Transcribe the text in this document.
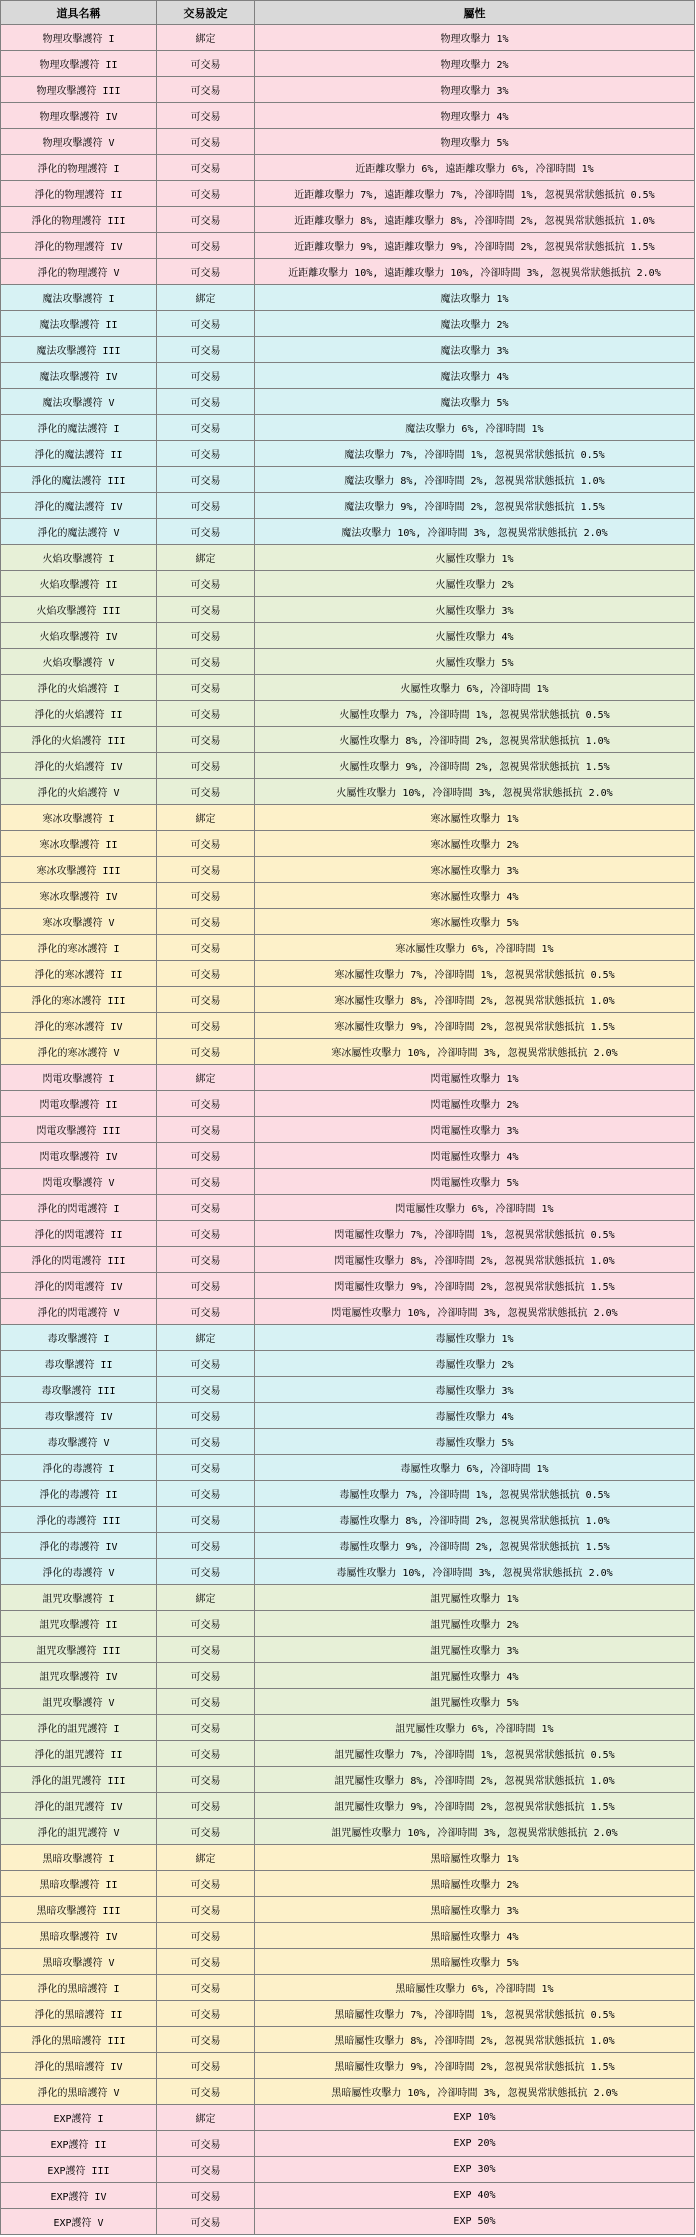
道具名稱	交易設定	屬性
物理攻擊護符 I	綁定	物理攻擊力 1%
物理攻擊護符 II	可交易	物理攻擊力 2%
物理攻擊護符 III	可交易	物理攻擊力 3%
物理攻擊護符 IV	可交易	物理攻擊力 4%
物理攻擊護符 V	可交易	物理攻擊力 5%
淨化的物理護符 I	可交易	近距離攻擊力 6%, 遠距離攻擊力 6%, 冷卻時間 1%
淨化的物理護符 II	可交易	近距離攻擊力 7%, 遠距離攻擊力 7%, 冷卻時間 1%, 忽視異常狀態抵抗 0.5%
淨化的物理護符 III	可交易	近距離攻擊力 8%, 遠距離攻擊力 8%, 冷卻時間 2%, 忽視異常狀態抵抗 1.0%
淨化的物理護符 IV	可交易	近距離攻擊力 9%, 遠距離攻擊力 9%, 冷卻時間 2%, 忽視異常狀態抵抗 1.5%
淨化的物理護符 V	可交易	近距離攻擊力 10%, 遠距離攻擊力 10%, 冷卻時間 3%, 忽視異常狀態抵抗 2.0%
魔法攻擊護符 I	綁定	魔法攻擊力 1%
魔法攻擊護符 II	可交易	魔法攻擊力 2%
魔法攻擊護符 III	可交易	魔法攻擊力 3%
魔法攻擊護符 IV	可交易	魔法攻擊力 4%
魔法攻擊護符 V	可交易	魔法攻擊力 5%
淨化的魔法護符 I	可交易	魔法攻擊力 6%, 冷卻時間 1%
淨化的魔法護符 II	可交易	魔法攻擊力 7%, 冷卻時間 1%, 忽視異常狀態抵抗 0.5%
淨化的魔法護符 III	可交易	魔法攻擊力 8%, 冷卻時間 2%, 忽視異常狀態抵抗 1.0%
淨化的魔法護符 IV	可交易	魔法攻擊力 9%, 冷卻時間 2%, 忽視異常狀態抵抗 1.5%
淨化的魔法護符 V	可交易	魔法攻擊力 10%, 冷卻時間 3%, 忽視異常狀態抵抗 2.0%
火焰攻擊護符 I	綁定	火屬性攻擊力 1%
火焰攻擊護符 II	可交易	火屬性攻擊力 2%
火焰攻擊護符 III	可交易	火屬性攻擊力 3%
火焰攻擊護符 IV	可交易	火屬性攻擊力 4%
火焰攻擊護符 V	可交易	火屬性攻擊力 5%
淨化的火焰護符 I	可交易	火屬性攻擊力 6%, 冷卻時間 1%
淨化的火焰護符 II	可交易	火屬性攻擊力 7%, 冷卻時間 1%, 忽視異常狀態抵抗 0.5%
淨化的火焰護符 III	可交易	火屬性攻擊力 8%, 冷卻時間 2%, 忽視異常狀態抵抗 1.0%
淨化的火焰護符 IV	可交易	火屬性攻擊力 9%, 冷卻時間 2%, 忽視異常狀態抵抗 1.5%
淨化的火焰護符 V	可交易	火屬性攻擊力 10%, 冷卻時間 3%, 忽視異常狀態抵抗 2.0%
寒冰攻擊護符 I	綁定	寒冰屬性攻擊力 1%
寒冰攻擊護符 II	可交易	寒冰屬性攻擊力 2%
寒冰攻擊護符 III	可交易	寒冰屬性攻擊力 3%
寒冰攻擊護符 IV	可交易	寒冰屬性攻擊力 4%
寒冰攻擊護符 V	可交易	寒冰屬性攻擊力 5%
淨化的寒冰護符 I	可交易	寒冰屬性攻擊力 6%, 冷卻時間 1%
淨化的寒冰護符 II	可交易	寒冰屬性攻擊力 7%, 冷卻時間 1%, 忽視異常狀態抵抗 0.5%
淨化的寒冰護符 III	可交易	寒冰屬性攻擊力 8%, 冷卻時間 2%, 忽視異常狀態抵抗 1.0%
淨化的寒冰護符 IV	可交易	寒冰屬性攻擊力 9%, 冷卻時間 2%, 忽視異常狀態抵抗 1.5%
淨化的寒冰護符 V	可交易	寒冰屬性攻擊力 10%, 冷卻時間 3%, 忽視異常狀態抵抗 2.0%
閃電攻擊護符 I	綁定	閃電屬性攻擊力 1%
閃電攻擊護符 II	可交易	閃電屬性攻擊力 2%
閃電攻擊護符 III	可交易	閃電屬性攻擊力 3%
閃電攻擊護符 IV	可交易	閃電屬性攻擊力 4%
閃電攻擊護符 V	可交易	閃電屬性攻擊力 5%
淨化的閃電護符 I	可交易	閃電屬性攻擊力 6%, 冷卻時間 1%
淨化的閃電護符 II	可交易	閃電屬性攻擊力 7%, 冷卻時間 1%, 忽視異常狀態抵抗 0.5%
淨化的閃電護符 III	可交易	閃電屬性攻擊力 8%, 冷卻時間 2%, 忽視異常狀態抵抗 1.0%
淨化的閃電護符 IV	可交易	閃電屬性攻擊力 9%, 冷卻時間 2%, 忽視異常狀態抵抗 1.5%
淨化的閃電護符 V	可交易	閃電屬性攻擊力 10%, 冷卻時間 3%, 忽視異常狀態抵抗 2.0%
毒攻擊護符 I	綁定	毒屬性攻擊力 1%
毒攻擊護符 II	可交易	毒屬性攻擊力 2%
毒攻擊護符 III	可交易	毒屬性攻擊力 3%
毒攻擊護符 IV	可交易	毒屬性攻擊力 4%
毒攻擊護符 V	可交易	毒屬性攻擊力 5%
淨化的毒護符 I	可交易	毒屬性攻擊力 6%, 冷卻時間 1%
淨化的毒護符 II	可交易	毒屬性攻擊力 7%, 冷卻時間 1%, 忽視異常狀態抵抗 0.5%
淨化的毒護符 III	可交易	毒屬性攻擊力 8%, 冷卻時間 2%, 忽視異常狀態抵抗 1.0%
淨化的毒護符 IV	可交易	毒屬性攻擊力 9%, 冷卻時間 2%, 忽視異常狀態抵抗 1.5%
淨化的毒護符 V	可交易	毒屬性攻擊力 10%, 冷卻時間 3%, 忽視異常狀態抵抗 2.0%
詛咒攻擊護符 I	綁定	詛咒屬性攻擊力 1%
詛咒攻擊護符 II	可交易	詛咒屬性攻擊力 2%
詛咒攻擊護符 III	可交易	詛咒屬性攻擊力 3%
詛咒攻擊護符 IV	可交易	詛咒屬性攻擊力 4%
詛咒攻擊護符 V	可交易	詛咒屬性攻擊力 5%
淨化的詛咒護符 I	可交易	詛咒屬性攻擊力 6%, 冷卻時間 1%
淨化的詛咒護符 II	可交易	詛咒屬性攻擊力 7%, 冷卻時間 1%, 忽視異常狀態抵抗 0.5%
淨化的詛咒護符 III	可交易	詛咒屬性攻擊力 8%, 冷卻時間 2%, 忽視異常狀態抵抗 1.0%
淨化的詛咒護符 IV	可交易	詛咒屬性攻擊力 9%, 冷卻時間 2%, 忽視異常狀態抵抗 1.5%
淨化的詛咒護符 V	可交易	詛咒屬性攻擊力 10%, 冷卻時間 3%, 忽視異常狀態抵抗 2.0%
黑暗攻擊護符 I	綁定	黑暗屬性攻擊力 1%
黑暗攻擊護符 II	可交易	黑暗屬性攻擊力 2%
黑暗攻擊護符 III	可交易	黑暗屬性攻擊力 3%
黑暗攻擊護符 IV	可交易	黑暗屬性攻擊力 4%
黑暗攻擊護符 V	可交易	黑暗屬性攻擊力 5%
淨化的黑暗護符 I	可交易	黑暗屬性攻擊力 6%, 冷卻時間 1%
淨化的黑暗護符 II	可交易	黑暗屬性攻擊力 7%, 冷卻時間 1%, 忽視異常狀態抵抗 0.5%
淨化的黑暗護符 III	可交易	黑暗屬性攻擊力 8%, 冷卻時間 2%, 忽視異常狀態抵抗 1.0%
淨化的黑暗護符 IV	可交易	黑暗屬性攻擊力 9%, 冷卻時間 2%, 忽視異常狀態抵抗 1.5%
淨化的黑暗護符 V	可交易	黑暗屬性攻擊力 10%, 冷卻時間 3%, 忽視異常狀態抵抗 2.0%
EXP護符 I	綁定	EXP 10%
EXP護符 II	可交易	EXP 20%
EXP護符 III	可交易	EXP 30%
EXP護符 IV	可交易	EXP 40%
EXP護符 V	可交易	EXP 50%
